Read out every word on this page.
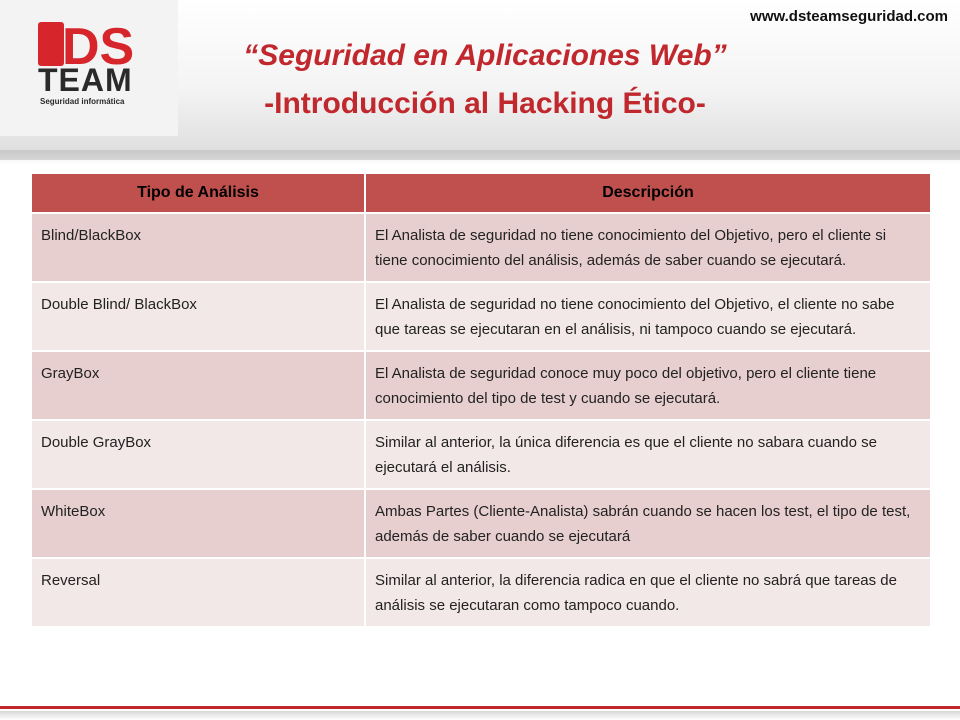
DS
TEAM
Seguridad informática
www.dsteamseguridad.com
“Seguridad en Aplicaciones Web”
-Introducción al Hacking Ético-
Tipo de Análisis	Descripción
Blind/BlackBox	El Analista de seguridad no tiene conocimiento del Objetivo, pero el cliente si tiene conocimiento del análisis, además de saber cuando se ejecutará.
Double Blind/ BlackBox	El Analista de seguridad no tiene conocimiento del Objetivo, el cliente no sabe que tareas se ejecutaran en el análisis, ni tampoco cuando se ejecutará.
GrayBox	El Analista de seguridad conoce muy poco del objetivo, pero el cliente tiene conocimiento del tipo de test y cuando se ejecutará.
Double GrayBox	Similar al anterior, la única diferencia es que el cliente no sabara cuando se ejecutará el análisis.
WhiteBox	Ambas Partes (Cliente-Analista) sabrán cuando se hacen los test, el tipo de test, además de saber cuando se ejecutará
Reversal	Similar al anterior, la diferencia radica en que el cliente no sabrá que tareas de análisis se ejecutaran como tampoco cuando.
